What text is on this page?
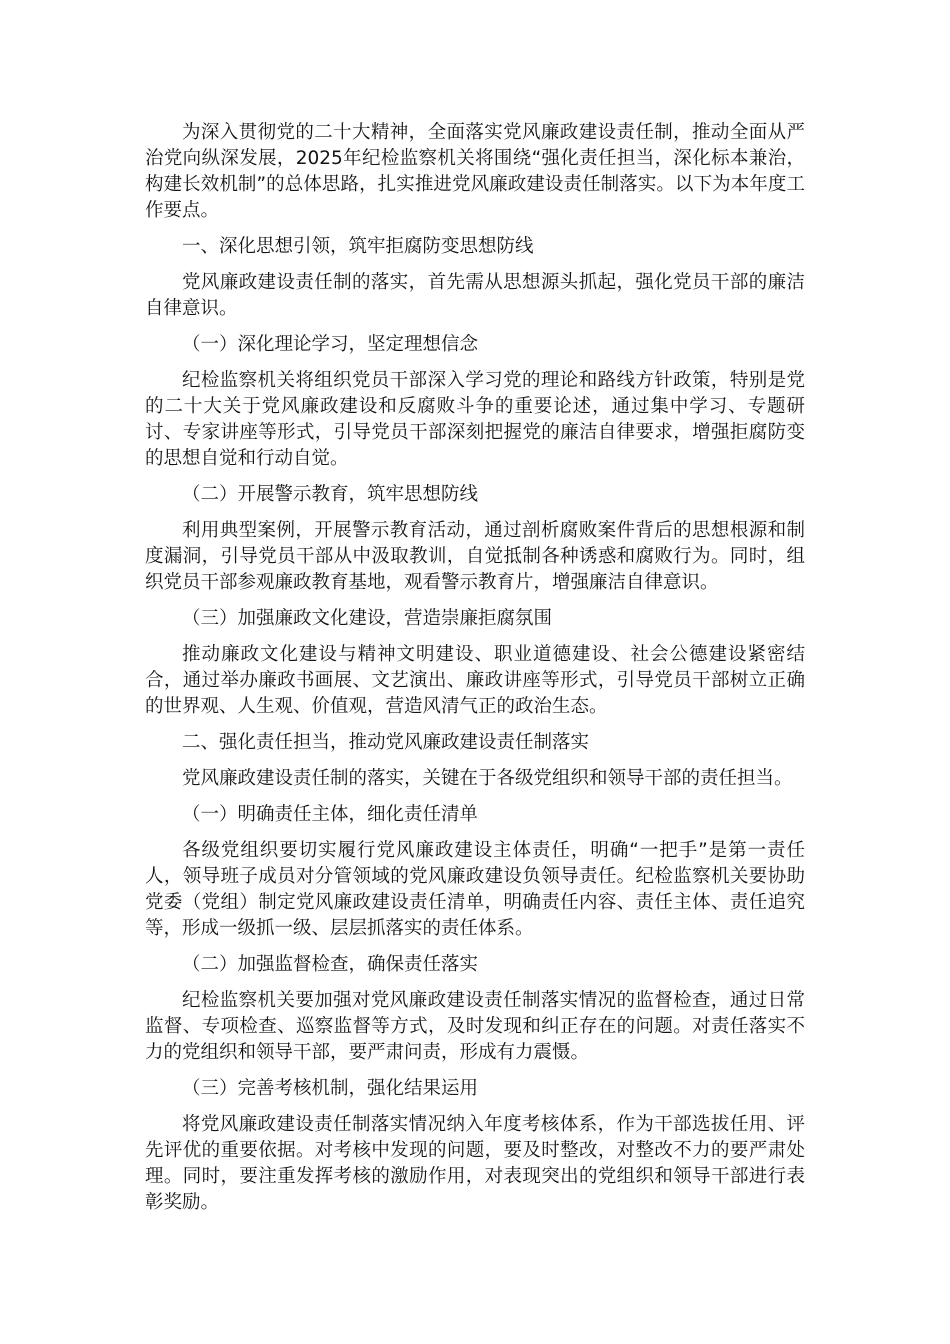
为深入贯彻党的二十大精神，全面落实党风廉政建设责任制，推动全面从严治党向纵深发展，2025年纪检监察机关将围绕“强化责任担当，深化标本兼治，构建长效机制”的总体思路，扎实推进党风廉政建设责任制落实。以下为本年度工作要点。

一、深化思想引领，筑牢拒腐防变思想防线

党风廉政建设责任制的落实，首先需从思想源头抓起，强化党员干部的廉洁自律意识。

（一）深化理论学习，坚定理想信念

纪检监察机关将组织党员干部深入学习党的理论和路线方针政策，特别是党的二十大关于党风廉政建设和反腐败斗争的重要论述，通过集中学习、专题研讨、专家讲座等形式，引导党员干部深刻把握党的廉洁自律要求，增强拒腐防变的思想自觉和行动自觉。

（二）开展警示教育，筑牢思想防线

利用典型案例，开展警示教育活动，通过剖析腐败案件背后的思想根源和制度漏洞，引导党员干部从中汲取教训，自觉抵制各种诱惑和腐败行为。同时，组织党员干部参观廉政教育基地，观看警示教育片，增强廉洁自律意识。

（三）加强廉政文化建设，营造崇廉拒腐氛围

推动廉政文化建设与精神文明建设、职业道德建设、社会公德建设紧密结合，通过举办廉政书画展、文艺演出、廉政讲座等形式，引导党员干部树立正确的世界观、人生观、价值观，营造风清气正的政治生态。

二、强化责任担当，推动党风廉政建设责任制落实

党风廉政建设责任制的落实，关键在于各级党组织和领导干部的责任担当。

（一）明确责任主体，细化责任清单

各级党组织要切实履行党风廉政建设主体责任，明确“一把手”是第一责任人，领导班子成员对分管领域的党风廉政建设负领导责任。纪检监察机关要协助党委（党组）制定党风廉政建设责任清单，明确责任内容、责任主体、责任追究等，形成一级抓一级、层层抓落实的责任体系。

（二）加强监督检查，确保责任落实

纪检监察机关要加强对党风廉政建设责任制落实情况的监督检查，通过日常监督、专项检查、巡察监督等方式，及时发现和纠正存在的问题。对责任落实不力的党组织和领导干部，要严肃问责，形成有力震慑。

（三）完善考核机制，强化结果运用

将党风廉政建设责任制落实情况纳入年度考核体系，作为干部选拔任用、评先评优的重要依据。对考核中发现的问题，要及时整改，对整改不力的要严肃处理。同时，要注重发挥考核的激励作用，对表现突出的党组织和领导干部进行表彰奖励。
